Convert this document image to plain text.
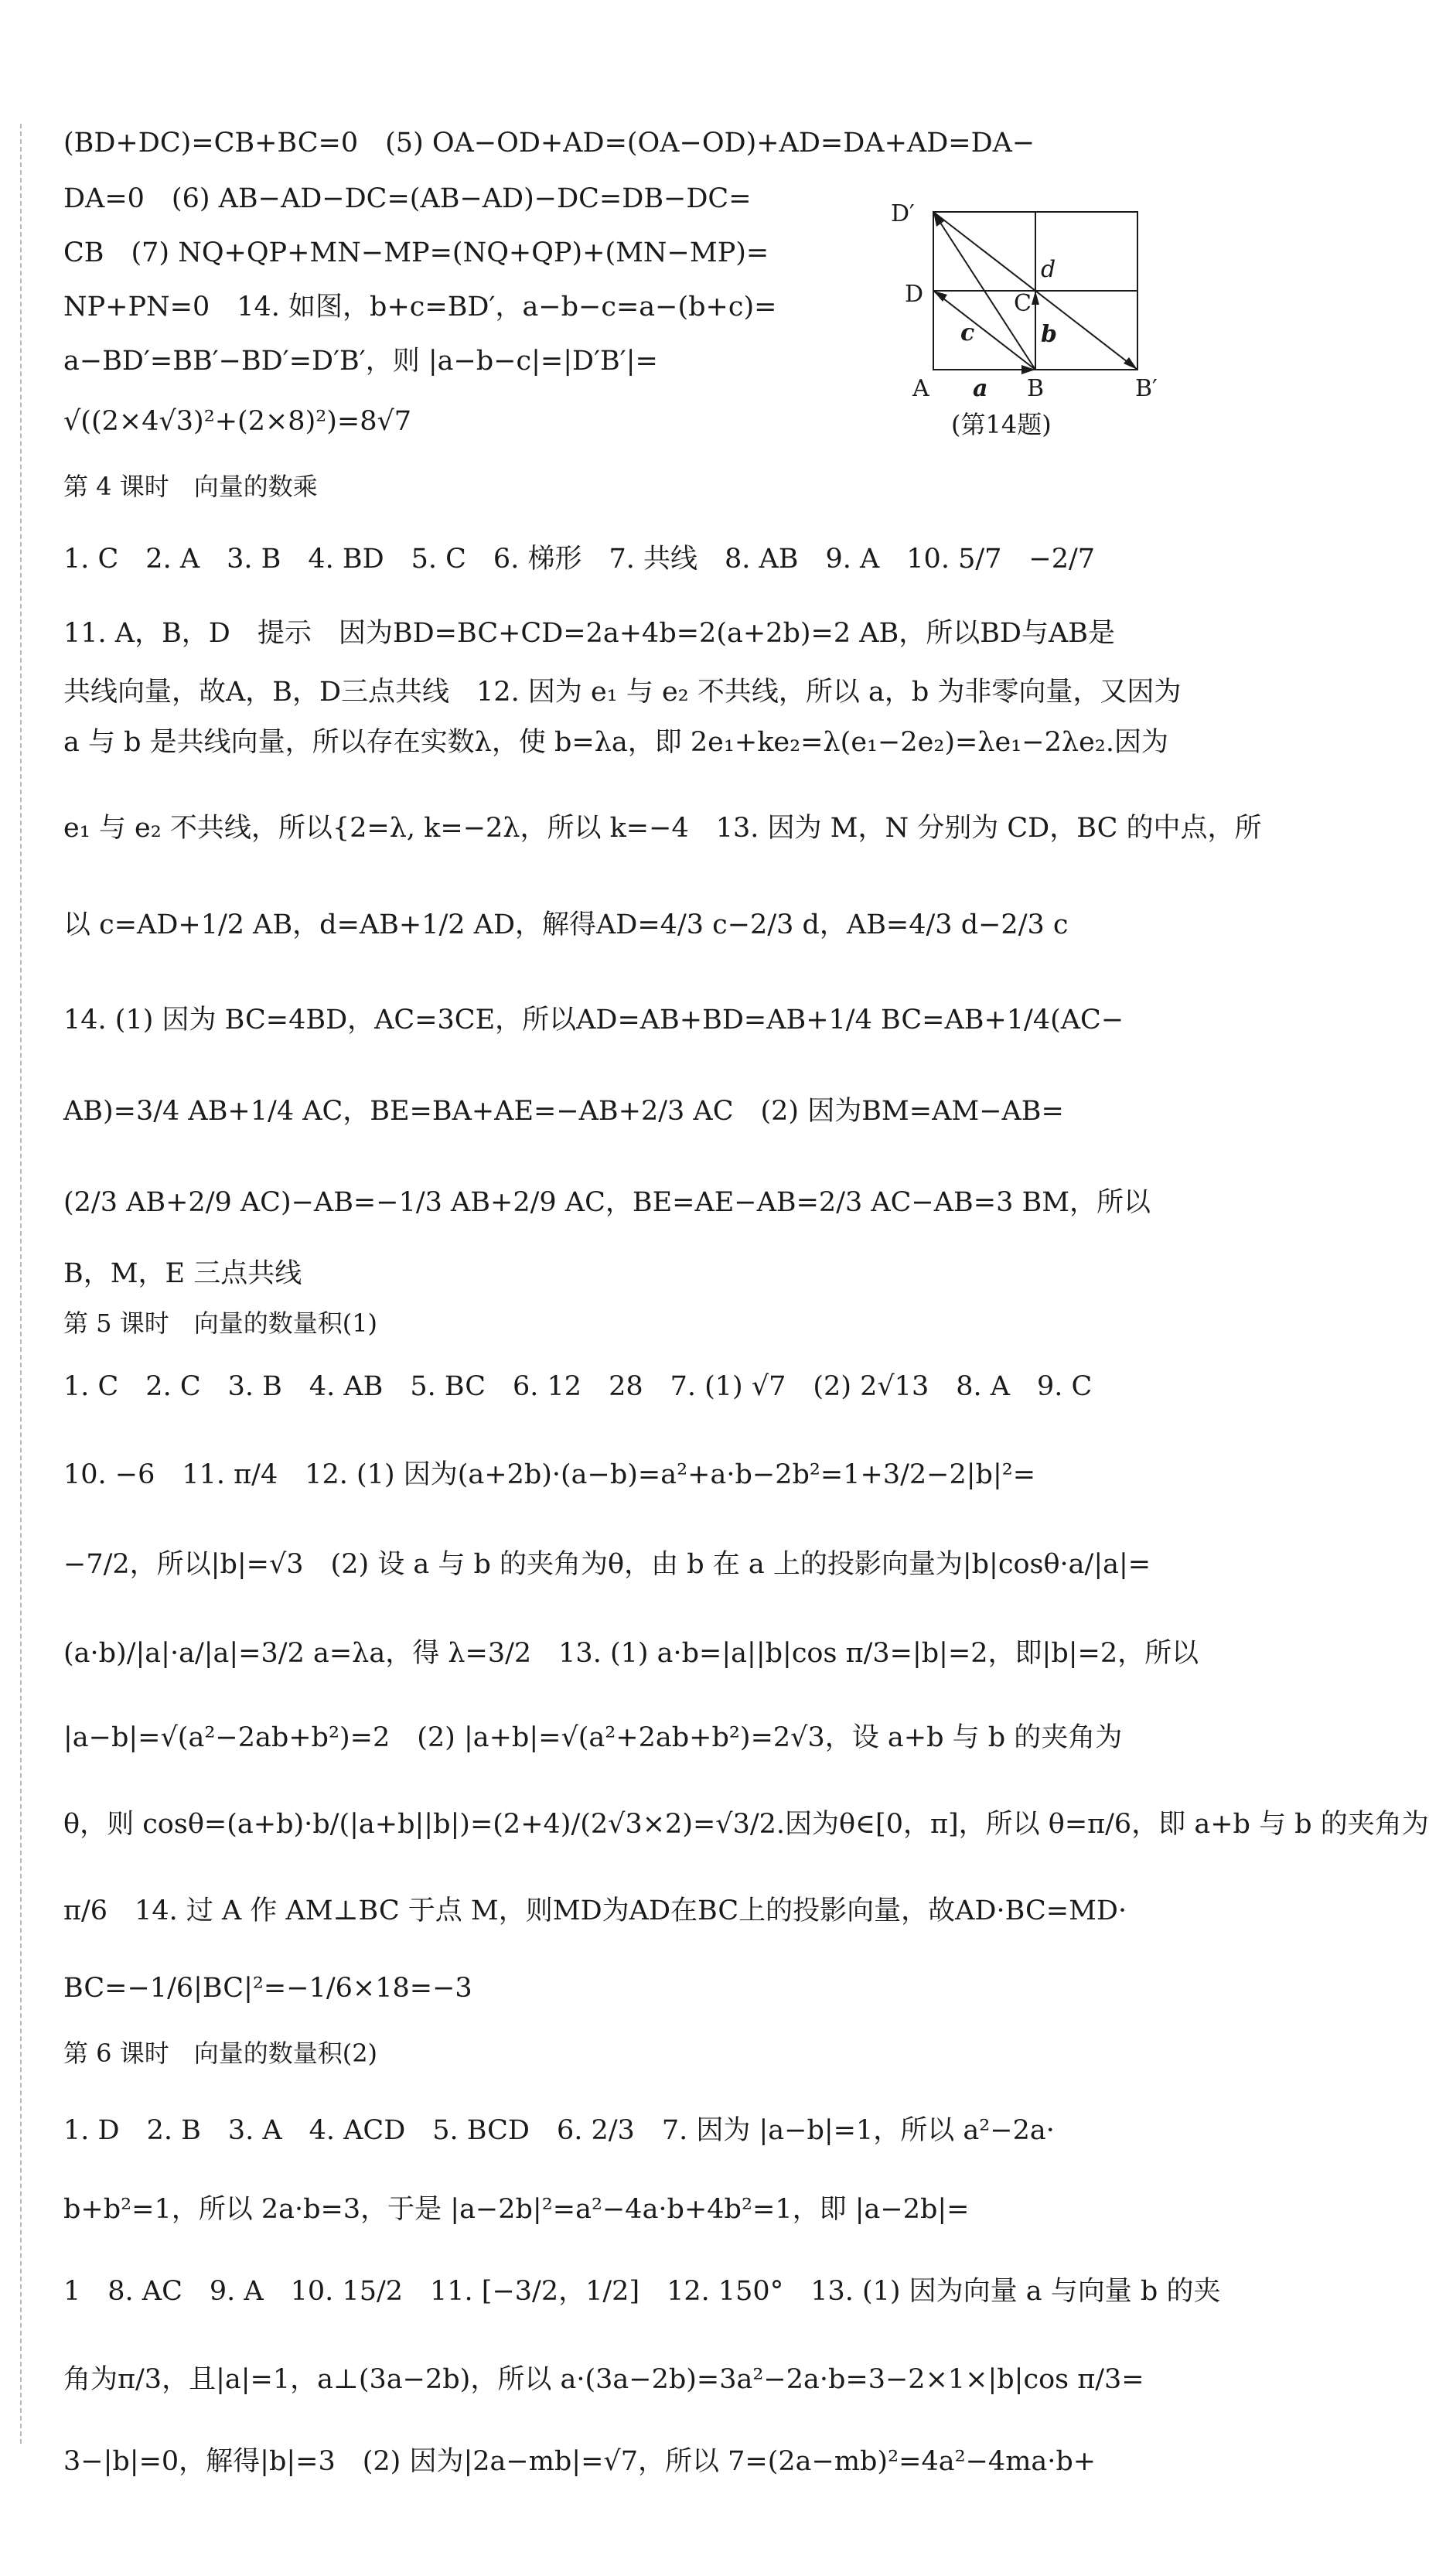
(BD+DC)=CB+BC=0　(5) OA−OD+AD=(OA−OD)+AD=DA+AD=DA−
DA=0　(6) AB−AD−DC=(AB−AD)−DC=DB−DC=
CB　(7) NQ+QP+MN−MP=(NQ+QP)+(MN−MP)=
NP+PN=0　14. 如图，b+c=BD′，a−b−c=a−(b+c)=
a−BD′=BB′−BD′=D′B′，则 |a−b−c|=|D′B′|=
√((2×4√3)²+(2×8)²)=8√7
D′
D	C
d
c	b
A a B	B′
(第14题)
第 4 课时　向量的数乘
1. C　2. A　3. B　4. BD　5. C　6. 梯形　7. 共线　8. AB　9. A　10. 5/7　−2/7
11. A，B，D　提示　因为BD=BC+CD=2a+4b=2(a+2b)=2 AB，所以BD与AB是
共线向量，故A，B，D三点共线　12. 因为 e₁ 与 e₂ 不共线，所以 a，b 为非零向量，又因为
a 与 b 是共线向量，所以存在实数λ，使 b=λa，即 2e₁+ke₂=λ(e₁−2e₂)=λe₁−2λe₂.因为
e₁ 与 e₂ 不共线，所以{2=λ, k=−2λ，所以 k=−4　13. 因为 M，N 分别为 CD，BC 的中点，所
以 c=AD+1/2 AB，d=AB+1/2 AD，解得AD=4/3 c−2/3 d，AB=4/3 d−2/3 c
14. (1) 因为 BC=4BD，AC=3CE，所以AD=AB+BD=AB+1/4 BC=AB+1/4(AC−
AB)=3/4 AB+1/4 AC，BE=BA+AE=−AB+2/3 AC　(2) 因为BM=AM−AB=
(2/3 AB+2/9 AC)−AB=−1/3 AB+2/9 AC，BE=AE−AB=2/3 AC−AB=3 BM，所以
B，M，E 三点共线
第 5 课时　向量的数量积(1)
1. C　2. C　3. B　4. AB　5. BC　6. 12　28　7. (1) √7　(2) 2√13　8. A　9. C
10. −6　11. π/4　12. (1) 因为(a+2b)·(a−b)=a²+a·b−2b²=1+3/2−2|b|²=
−7/2，所以|b|=√3　(2) 设 a 与 b 的夹角为θ，由 b 在 a 上的投影向量为|b|cosθ·a/|a|=
(a·b)/|a|·a/|a|=3/2 a=λa，得 λ=3/2　13. (1) a·b=|a||b|cos π/3=|b|=2，即|b|=2，所以
|a−b|=√(a²−2ab+b²)=2　(2) |a+b|=√(a²+2ab+b²)=2√3，设 a+b 与 b 的夹角为
θ，则 cosθ=(a+b)·b/(|a+b||b|)=(2+4)/(2√3×2)=√3/2.因为θ∈[0，π]，所以 θ=π/6，即 a+b 与 b 的夹角为
π/6　14. 过 A 作 AM⊥BC 于点 M，则MD为AD在BC上的投影向量，故AD·BC=MD·
BC=−1/6|BC|²=−1/6×18=−3
第 6 课时　向量的数量积(2)
1. D　2. B　3. A　4. ACD　5. BCD　6. 2/3　7. 因为 |a−b|=1，所以 a²−2a·
b+b²=1，所以 2a·b=3，于是 |a−2b|²=a²−4a·b+4b²=1，即 |a−2b|=
1　8. AC　9. A　10. 15/2　11. [−3/2，1/2]　12. 150°　13. (1) 因为向量 a 与向量 b 的夹
角为π/3，且|a|=1，a⊥(3a−2b)，所以 a·(3a−2b)=3a²−2a·b=3−2×1×|b|cos π/3=
3−|b|=0，解得|b|=3　(2) 因为|2a−mb|=√7，所以 7=(2a−mb)²=4a²−4ma·b+
